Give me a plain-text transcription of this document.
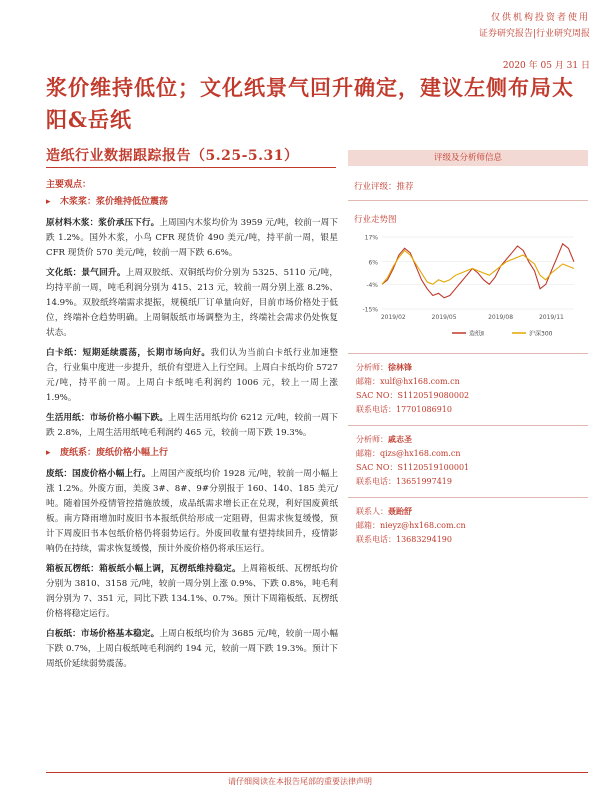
仅供机构投资者使用
证券研究报告|行业研究周报
2020 年 05 月 31 日
浆价维持低位；文化纸景气回升确定，建议左侧布局太阳&岳纸
造纸行业数据跟踪报告（5.25-5.31）
主要观点：
▸ 木浆浆：浆价维持低位震荡
原材料木浆：浆价承压下行。上周国内木浆均价为 3959 元/吨，较前一周下跌 1.2%。国外木浆，小鸟 CFR 现货价 490 美元/吨，持平前一周，银星 CFR 现货价 570 美元/吨，较前一周下跌 6.6%。
文化纸：景气回升。上周双胶纸、双铜纸均价分别为 5325、5110 元/吨，均持平前一周，吨毛利润分别为 415、213 元，较前一周分别上涨 8.2%、14.9%。双胶纸终端需求提振，规模纸厂订单量向好，目前市场价格处于低位，终端补仓趋势明确。上周铜版纸市场调整为主，终端社会需求仍处恢复状态。
白卡纸：短期延续震荡，长期市场向好。我们认为当前白卡纸行业加速整合，行业集中度进一步提升，纸价有望进入上行空间。上周白卡纸均价 5727 元/吨，持平前一周。上周白卡纸吨毛利润约 1006 元，较上一周上涨 1.9%。
生活用纸：市场价格小幅下跌。上周生活用纸均价 6212 元/吨，较前一周下跌 2.8%，上周生活用纸吨毛利润约 465 元，较前一周下跌 19.3%。
▸ 废纸系：废纸价格小幅上行
废纸：国废价格小幅上行。上周国产废纸均价 1928 元/吨，较前一周小幅上涨 1.2%。外废方面，美废 3#、8#、9#分别报于 160、140、185 美元/吨。随着国外疫情管控措施放缓，成品纸需求增长正在兑现，利好国废黄纸板。南方降雨增加时废旧书本报纸供给形成一定阻碍，但需求恢复缓慢，预计下周废旧书本包纸价格仍将弱势运行。外废回收量有望持续回升，疫情影响仍在持续，需求恢复缓慢，预计外废价格仍将承压运行。
箱板瓦楞纸：箱板纸小幅上调，瓦楞纸维持稳定。上周箱板纸、瓦楞纸均价分别为 3810、3158 元/吨，较前一周分别上涨 0.9%、下跌 0.8%，吨毛利润分别为 7、351 元，同比下跌 134.1%、0.7%。预计下周箱板纸、瓦楞纸价格将稳定运行。
白板纸：市场价格基本稳定。上周白板纸均价为 3685 元/吨，较前一周小幅下跌 0.7%，上周白板纸吨毛利润约 194 元，较前一周下跌 19.3%。预计下周纸价延续弱势震荡。
评级及分析师信息
行业评级：推荐
行业走势图
17%
6%
-4%
-15%
2019/02	2019/05	2019/08	2019/11
造纸Ⅱ	沪深300
分析师：徐林锋
邮箱：xulf@hx168.com.cn
SAC NO：S1120519080002
联系电话：17701086910
分析师：戚志圣
邮箱：qizs@hx168.com.cn
SAC NO：S1120519100001
联系电话：13651997419
联系人：聂跆舒
邮箱：nieyz@hx168.com.cn
联系电话：13683294190
请仔细阅读在本报告尾部的重要法律声明
